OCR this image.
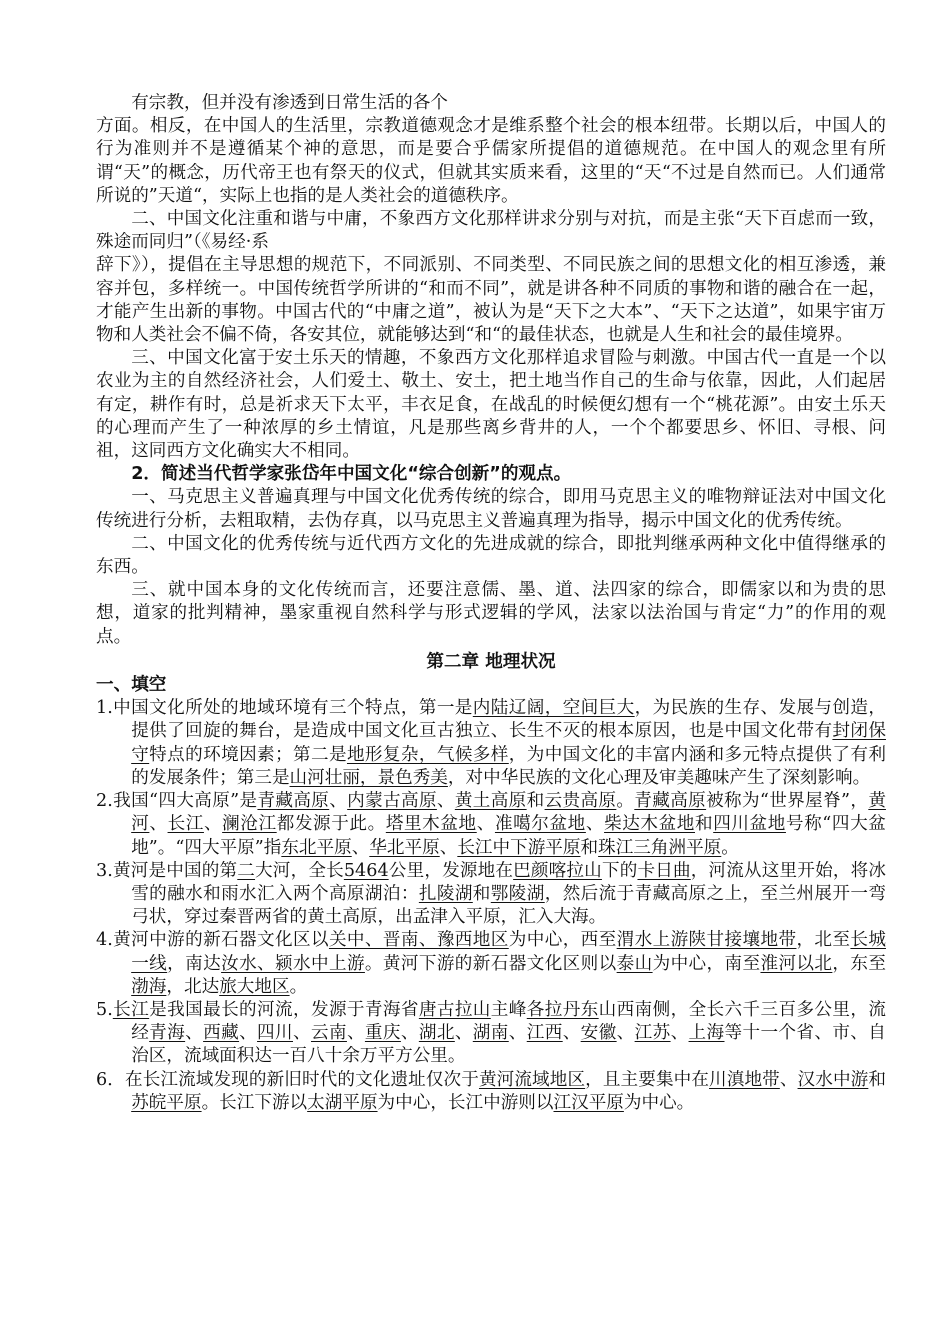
有宗教，但并没有渗透到日常生活的各个

方面。相反，在中国人的生活里，宗教道德观念才是维系整个社会的根本纽带。长期以后，中国人的行为准则并不是遵循某个神的意思，而是要合乎儒家所提倡的道德规范。在中国人的观念里有所谓“天”的概念，历代帝王也有祭天的仪式，但就其实质来看，这里的“天“不过是自然而已。人们通常所说的”天道“，实际上也指的是人类社会的道德秩序。

二、中国文化注重和谐与中庸，不象西方文化那样讲求分别与对抗，而是主张“天下百虑而一致，殊途而同归”（《易经·系

辞下》），提倡在主导思想的规范下，不同派别、不同类型、不同民族之间的思想文化的相互渗透，兼容并包，多样统一。中国传统哲学所讲的“和而不同”，就是讲各种不同质的事物和谐的融合在一起，才能产生出新的事物。中国古代的“中庸之道”，被认为是“天下之大本”、“天下之达道”，如果宇宙万物和人类社会不偏不倚，各安其位，就能够达到“和“的最佳状态，也就是人生和社会的最佳境界。

三、中国文化富于安土乐天的情趣，不象西方文化那样追求冒险与刺激。中国古代一直是一个以农业为主的自然经济社会，人们爱土、敬土、安土，把土地当作自己的生命与依靠，因此，人们起居有定，耕作有时，总是祈求天下太平，丰衣足食，在战乱的时候便幻想有一个“桃花源”。由安土乐天的心理而产生了一种浓厚的乡土情谊，凡是那些离乡背井的人，一个个都要思乡、怀旧、寻根、问祖，这同西方文化确实大不相同。

2．简述当代哲学家张岱年中国文化“综合创新”的观点。

一、马克思主义普遍真理与中国文化优秀传统的综合，即用马克思主义的唯物辩证法对中国文化传统进行分析，去粗取精，去伪存真，以马克思主义普遍真理为指导，揭示中国文化的优秀传统。

二、中国文化的优秀传统与近代西方文化的先进成就的综合，即批判继承两种文化中值得继承的东西。

三、就中国本身的文化传统而言，还要注意儒、墨、道、法四家的综合，即儒家以和为贵的思想，道家的批判精神，墨家重视自然科学与形式逻辑的学风，法家以法治国与肯定“力”的作用的观点。

第二章 地理状况

一、填空

1.中国文化所处的地域环境有三个特点，第一是内陆辽阔，空间巨大，为民族的生存、发展与创造，提供了回旋的舞台，是造成中国文化亘古独立、长生不灭的根本原因，也是中国文化带有封闭保守特点的环境因素；第二是地形复杂，气候多样，为中国文化的丰富内涵和多元特点提供了有利的发展条件；第三是山河壮丽，景色秀美，对中华民族的文化心理及审美趣味产生了深刻影响。

2.我国“四大高原”是青藏高原、内蒙古高原、黄土高原和云贵高原。青藏高原被称为“世界屋脊”，黄河、长江、澜沧江都发源于此。塔里木盆地、准噶尔盆地、柴达木盆地和四川盆地号称“四大盆地”。“四大平原”指东北平原、华北平原、长江中下游平原和珠江三角洲平原。

3.黄河是中国的第二大河，全长5464公里，发源地在巴颜喀拉山下的卡日曲，河流从这里开始，将冰雪的融水和雨水汇入两个高原湖泊：扎陵湖和鄂陵湖，然后流于青藏高原之上，至兰州展开一弯弓状，穿过秦晋两省的黄土高原，出孟津入平原，汇入大海。

4.黄河中游的新石器文化区以关中、晋南、豫西地区为中心，西至渭水上游陕甘接壤地带，北至长城一线，南达汝水、颍水中上游。黄河下游的新石器文化区则以泰山为中心，南至淮河以北，东至渤海，北达旅大地区。

5.长江是我国最长的河流，发源于青海省唐古拉山主峰各拉丹东山西南侧，全长六千三百多公里，流经青海、西藏、四川、云南、重庆、湖北、湖南、江西、安徽、江苏、上海等十一个省、市、自治区，流域面积达一百八十余万平方公里。

6．在长江流域发现的新旧时代的文化遗址仅次于黄河流域地区，且主要集中在川滇地带、汉水中游和苏皖平原。长江下游以太湖平原为中心，长江中游则以江汉平原为中心。
